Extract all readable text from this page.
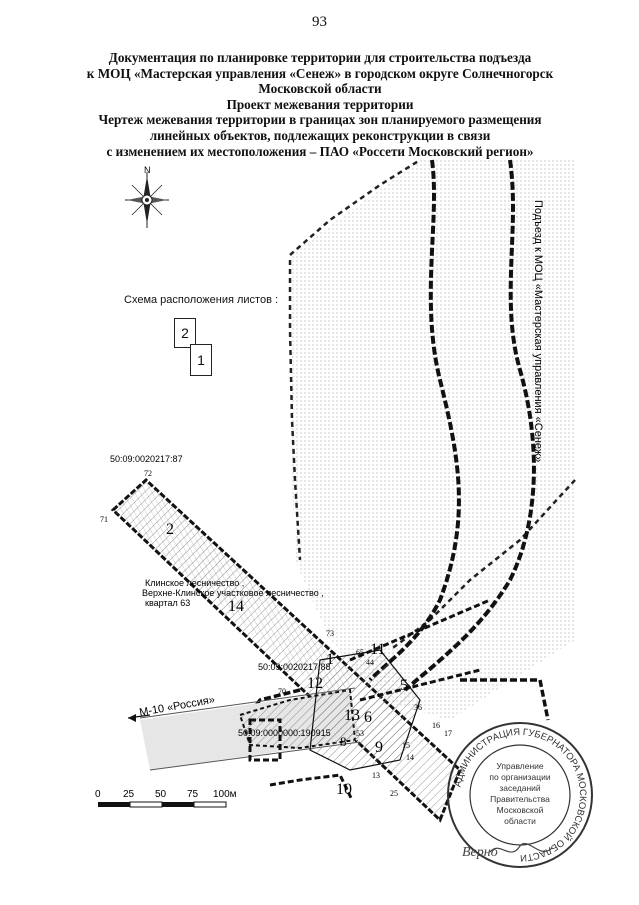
93
Документация по планировке территории для строительства подъезда
к МОЦ «Мастерская управления «Сенеж» в городском округе Солнечногорск
Московской области
Проект межевания территории
Чертеж межевания территории в границах зон планируемого размещения
линейных объектов, подлежащих реконструкции в связи
с изменением их местоположения – ПАО «Россети Московский регион»
Схема расположения листов :
2
1
N
Подъезд к МОЦ «Мастерская управления «Сенеж»
М-10 «Россия»
50:09:0020217:87
50:09:0020217:88
50:09:0000000:190915
Клинское лесничество ,
Верхне-Клинское участковое лесничество ,
квартал 63
2
14
1
11
12	5
13 6
9
10
8
72
71
73
65
44
70
36
16
17
25
13
15
14
53
0 25 50 75 100м
АДМИНИСТРАЦИЯ ГУБЕРНАТОРА МОСКОВСКОЙ ОБЛАСТИ
Управление
по организации
заседаний
Правительства
Московской
области
Верно
